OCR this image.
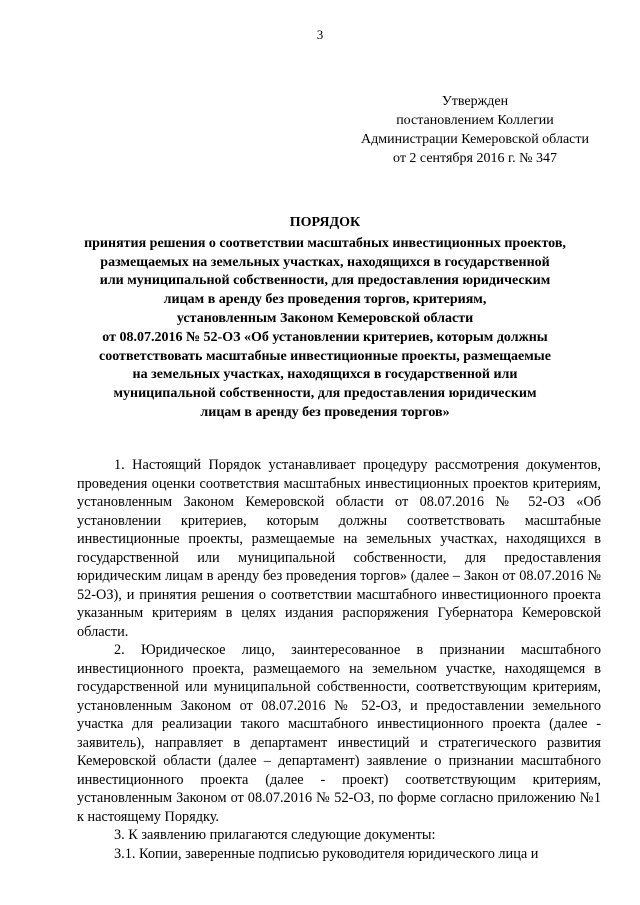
3
Утвержден
постановлением Коллегии
Администрации Кемеровской области
от 2 сентября 2016 г. № 347
ПОРЯДОК
принятия решения о соответствии масштабных инвестиционных проектов,
размещаемых на земельных участках, находящихся в государственной
или муниципальной собственности, для предоставления юридическим
лицам в аренду без проведения торгов, критериям,
установленным Законом Кемеровской области
от 08.07.2016 № 52-ОЗ «Об установлении критериев, которым должны
соответствовать масштабные инвестиционные проекты, размещаемые
на земельных участках, находящихся в государственной или
муниципальной собственности, для предоставления юридическим
лицам в аренду без проведения торгов»

1. Настоящий Порядок устанавливает процедуру рассмотрения документов, проведения оценки соответствия масштабных инвестиционных проектов критериям, установленным Законом Кемеровской области от 08.07.2016 № 52-ОЗ «Об установлении критериев, которым должны соответствовать масштабные инвестиционные проекты, размещаемые на земельных участках, находящихся в государственной или муниципальной собственности, для предоставления юридическим лицам в аренду без проведения торгов» (далее – Закон от 08.07.2016 № 52-ОЗ), и принятия решения о соответствии масштабного инвестиционного проекта указанным критериям в целях издания распоряжения Губернатора Кемеровской области.

2. Юридическое лицо, заинтересованное в признании масштабного инвестиционного проекта, размещаемого на земельном участке, находящемся в государственной или муниципальной собственности, соответствующим критериям, установленным Законом от 08.07.2016 № 52-ОЗ, и предоставлении земельного участка для реализации такого масштабного инвестиционного проекта (далее - заявитель), направляет в департамент инвестиций и стратегического развития Кемеровской области (далее – департамент) заявление о признании масштабного инвестиционного проекта (далее - проект) соответствующим критериям, установленным Законом от 08.07.2016 № 52-ОЗ, по форме согласно приложению №1 к настоящему Порядку.

3. К заявлению прилагаются следующие документы:

3.1. Копии, заверенные подписью руководителя юридического лица и
